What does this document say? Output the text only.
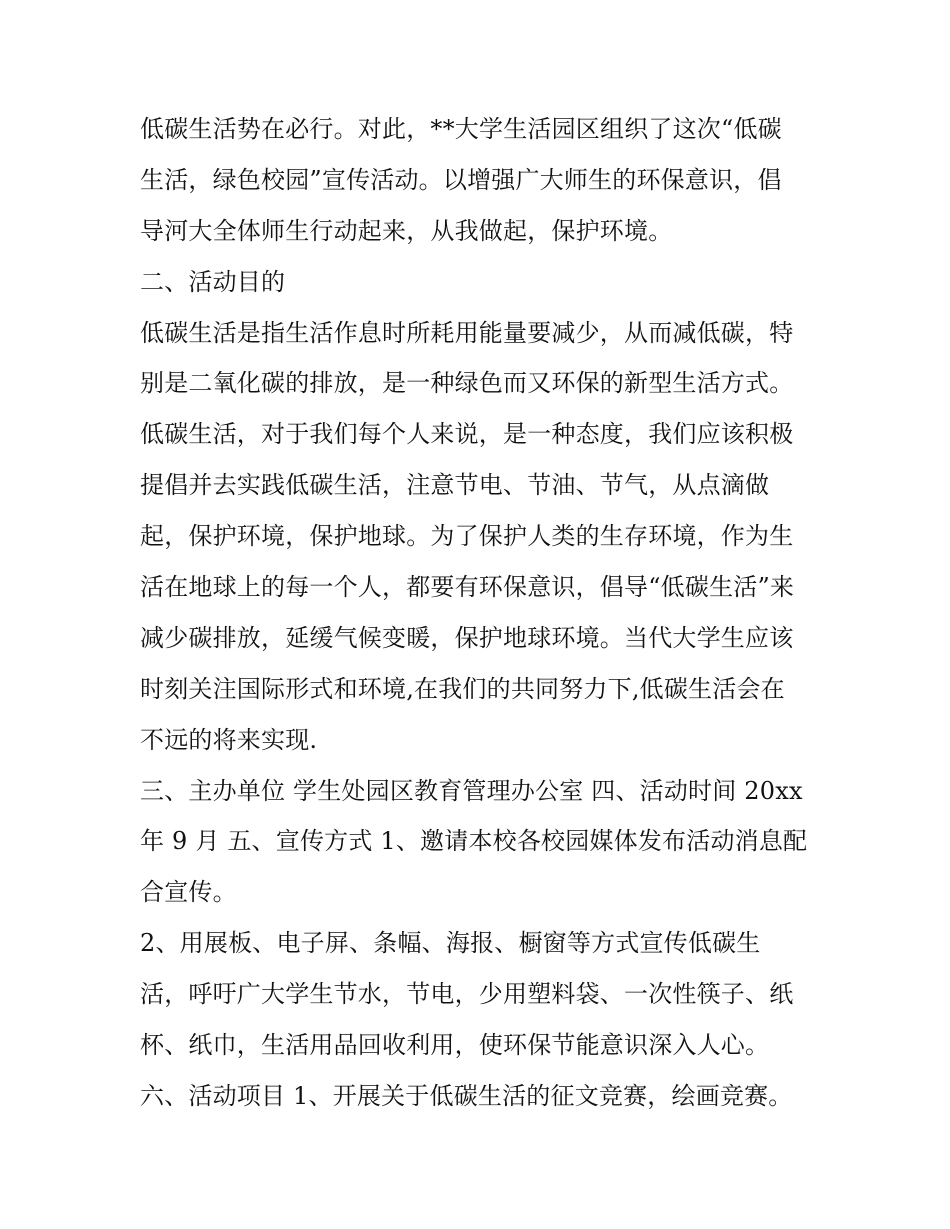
低碳生活势在必行。对此，**大学生活园区组织了这次“低碳
生活，绿色校园”宣传活动。以增强广大师生的环保意识，倡
导河大全体师生行动起来，从我做起，保护环境。
二、活动目的
低碳生活是指生活作息时所耗用能量要减少，从而减低碳，特
别是二氧化碳的排放，是一种绿色而又环保的新型生活方式。
低碳生活，对于我们每个人来说，是一种态度，我们应该积极
提倡并去实践低碳生活，注意节电、节油、节气，从点滴做
起，保护环境，保护地球。为了保护人类的生存环境，作为生
活在地球上的每一个人，都要有环保意识，倡导“低碳生活”来
减少碳排放，延缓气候变暖，保护地球环境。当代大学生应该
时刻关注国际形式和环境,在我们的共同努力下,低碳生活会在
不远的将来实现.
三、主办单位 学生处园区教育管理办公室 四、活动时间 20xx
年 9 月 五、宣传方式 1、邀请本校各校园媒体发布活动消息配
合宣传。
2、用展板、电子屏、条幅、海报、橱窗等方式宣传低碳生
活，呼吁广大学生节水，节电，少用塑料袋、一次性筷子、纸
杯、纸巾，生活用品回收利用，使环保节能意识深入人心。
六、活动项目 1、开展关于低碳生活的征文竞赛，绘画竞赛。
